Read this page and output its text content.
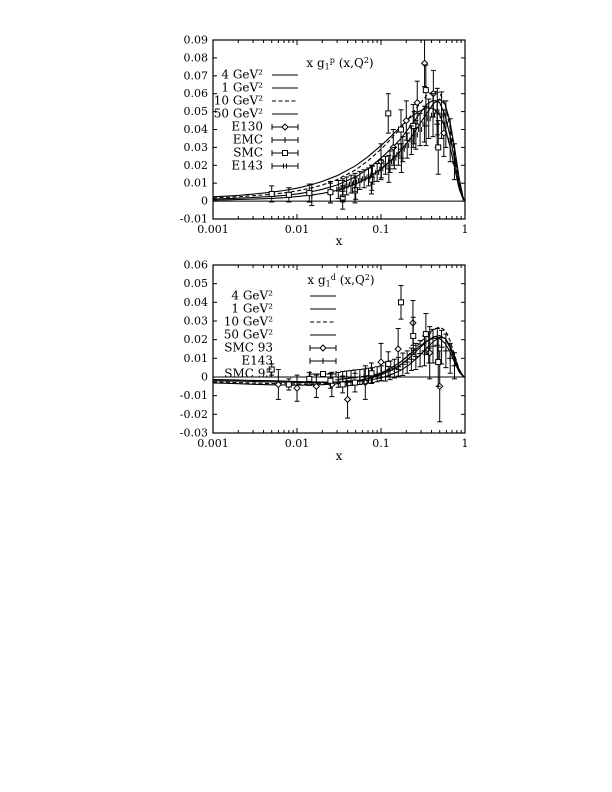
0.001	0.01	0.1	1
-0.01
0
0.01
0.02
0.03
0.04
0.05
0.06
0.07
0.08
0.09
x
x $g_1^p$ $(x,Q^2)$
4 GeV²
1 GeV²
10 GeV²
50 GeV²
E130
EMC
SMC
E143
0.001	0.01	0.1	1
-0.03
-0.02
-0.01
0
0.01
0.02
0.03
0.04
0.05
0.06
x
x $g_1^d$ $(x,Q^2)$
4 GeV²
1 GeV²
10 GeV²
50 GeV²
SMC 93
E143
SMC 95
